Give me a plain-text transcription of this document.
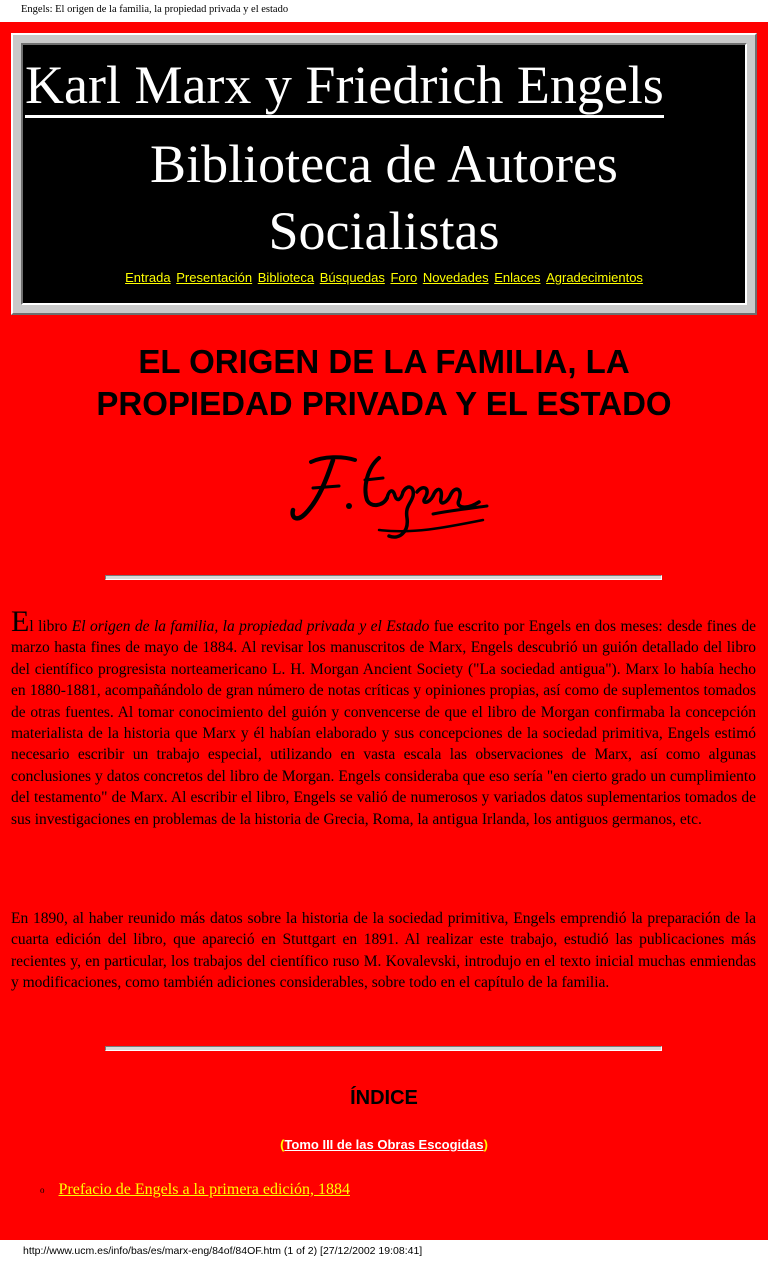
Engels: El origen de la familia, la propiedad privada y el estado
Karl Marx y Friedrich Engels
Biblioteca de Autores
Socialistas
Entrada Presentación Biblioteca Búsquedas Foro Novedades Enlaces Agradecimientos
EL ORIGEN DE LA FAMILIA, LA
PROPIEDAD PRIVADA Y EL ESTADO
El libro El origen de la familia, la propiedad privada y el Estado fue escrito por Engels en dos meses: desde fines de marzo hasta fines de mayo de 1884. Al revisar los manuscritos de Marx, Engels descubrió un guión detallado del libro del científico progresista norteamericano L. H. Morgan Ancient Society ("La sociedad antigua"). Marx lo había hecho en 1880-1881, acompañándolo de gran número de notas críticas y opiniones propias, así como de suplementos tomados de otras fuentes. Al tomar conocimiento del guión y convencerse de que el libro de Morgan confirmaba la concepción materialista de la historia que Marx y él habían elaborado y sus concepciones de la sociedad primitiva, Engels estimó necesario escribir un trabajo especial, utilizando en vasta escala las observaciones de Marx, así como algunas conclusiones y datos concretos del libro de Morgan. Engels consideraba que eso sería "en cierto grado un cumplimiento del testamento" de Marx. Al escribir el libro, Engels se valió de numerosos y variados datos suplementarios tomados de sus investigaciones en problemas de la historia de Grecia, Roma, la antigua Irlanda, los antiguos germanos, etc.
En 1890, al haber reunido más datos sobre la historia de la sociedad primitiva, Engels emprendió la preparación de la cuarta edición del libro, que apareció en Stuttgart en 1891. Al realizar este trabajo, estudió las publicaciones más recientes y, en particular, los trabajos del científico ruso M. Kovalevski, introdujo en el texto inicial muchas enmiendas y modificaciones, como también adiciones considerables, sobre todo en el capítulo de la familia.
ÍNDICE
(Tomo III de las Obras Escogidas)
o Prefacio de Engels a la primera edición, 1884
http://www.ucm.es/info/bas/es/marx-eng/84of/84OF.htm (1 of 2) [27/12/2002 19:08:41]
